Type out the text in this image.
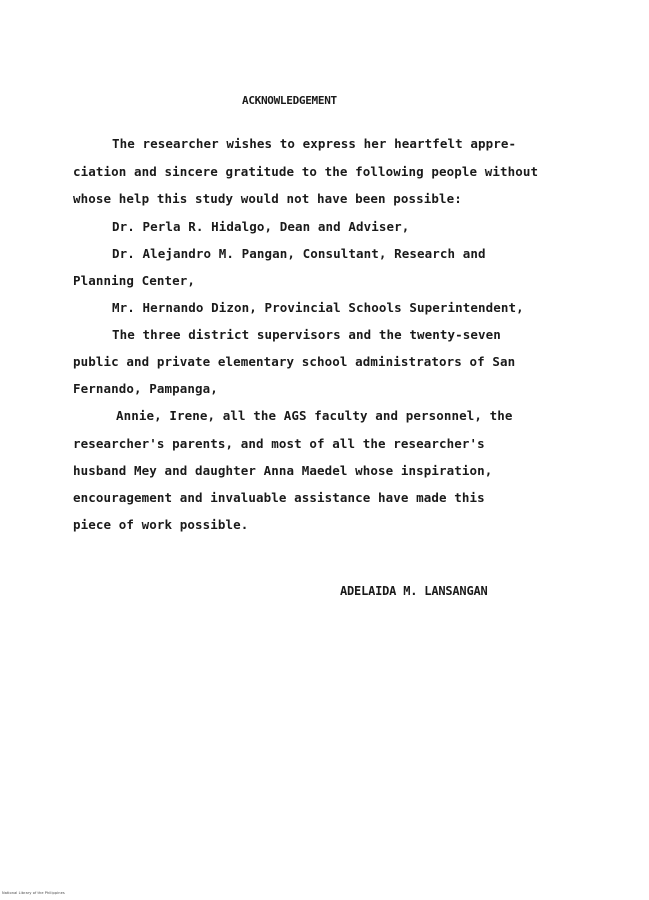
ACKNOWLEDGEMENT
The researcher wishes to express her heartfelt appre-
ciation and sincere gratitude to the following people without
whose help this study would not have been possible:
Dr. Perla R. Hidalgo, Dean and Adviser,
Dr. Alejandro M. Pangan, Consultant, Research and
Planning Center,
Mr. Hernando Dizon, Provincial Schools Superintendent,
The three district supervisors and the twenty-seven
public and private elementary school administrators of San
Fernando, Pampanga,
Annie, Irene, all the AGS faculty and personnel, the
researcher's parents, and most of all the researcher's
husband Mey and daughter Anna Maedel whose inspiration,
encouragement and invaluable assistance have made this
piece of work possible.
ADELAIDA M. LANSANGAN
National Library of the Philippines
